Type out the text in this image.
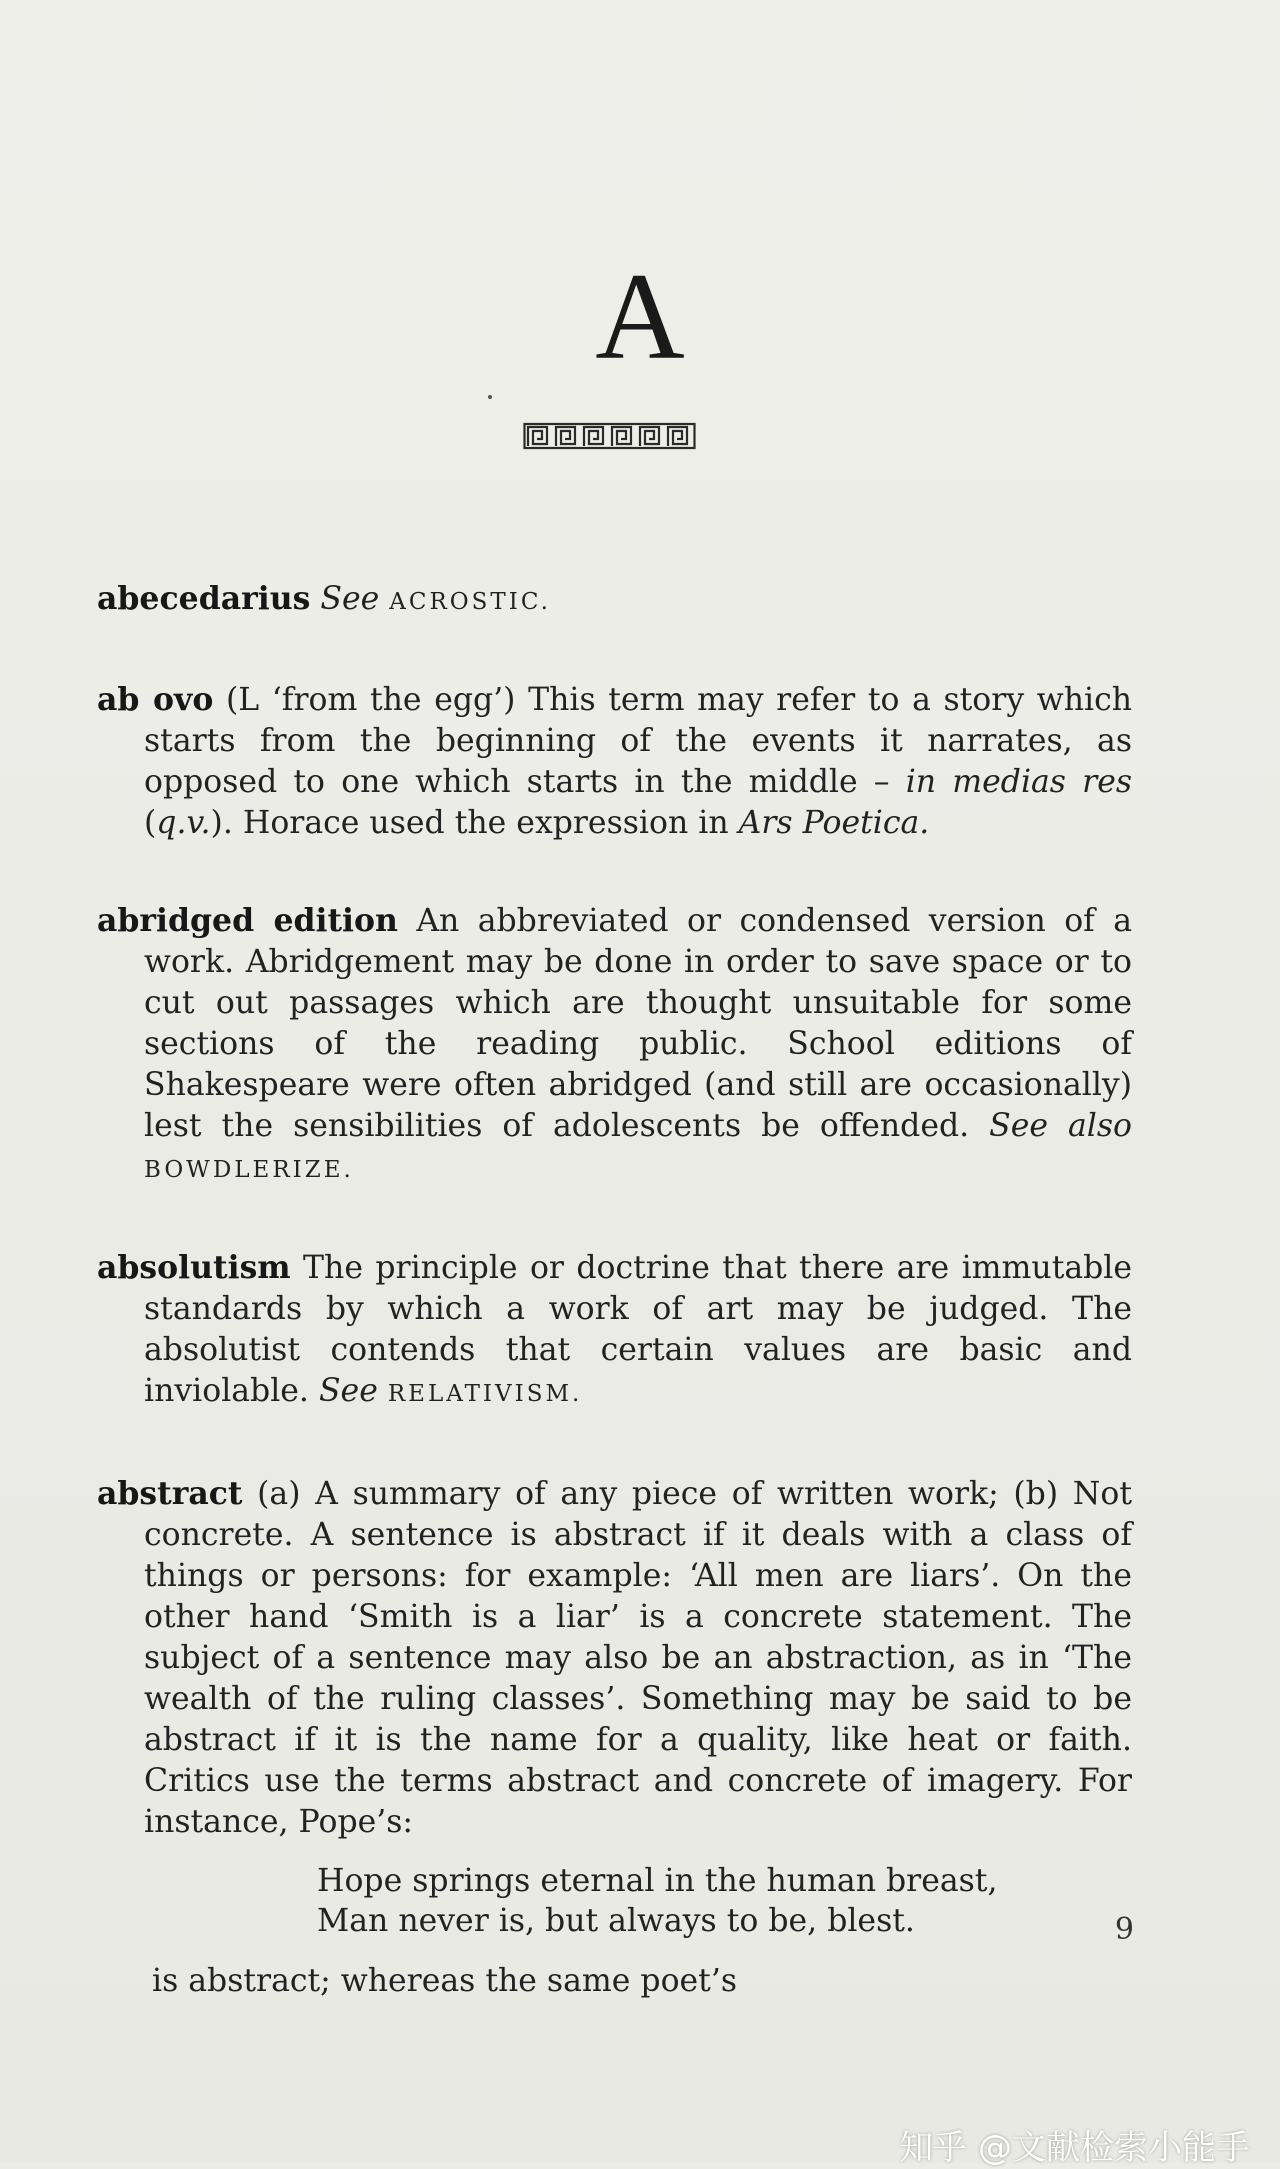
A

abecedarius See ACROSTIC.

ab ovo (L ‘from the egg’) This term may refer to a story which starts from the beginning of the events it narrates, as opposed to one which starts in the middle – in medias res (q.v.). Horace used the expression in Ars Poetica.

abridged edition An abbreviated or condensed version of a work. Abridgement may be done in order to save space or to cut out passages which are thought unsuitable for some sections of the reading public. School editions of Shakespeare were often abridged (and still are occasionally) lest the sensibilities of adolescents be offended. See also BOWDLERIZE.

absolutism The principle or doctrine that there are immutable standards by which a work of art may be judged. The absolutist contends that certain values are basic and inviolable. See RELATIVISM.

abstract (a) A summary of any piece of written work; (b) Not concrete. A sentence is abstract if it deals with a class of things or persons: for example: ‘All men are liars’. On the other hand ‘Smith is a liar’ is a concrete statement. The subject of a sentence may also be an abstraction, as in ‘The wealth of the ruling classes’. Something may be said to be abstract if it is the name for a quality, like heat or faith. Critics use the terms abstract and concrete of imagery. For instance, Pope’s:

Hope springs eternal in the human breast,
Man never is, but always to be, blest.

is abstract; whereas the same poet’s

9
知乎 @文献检索小能手
